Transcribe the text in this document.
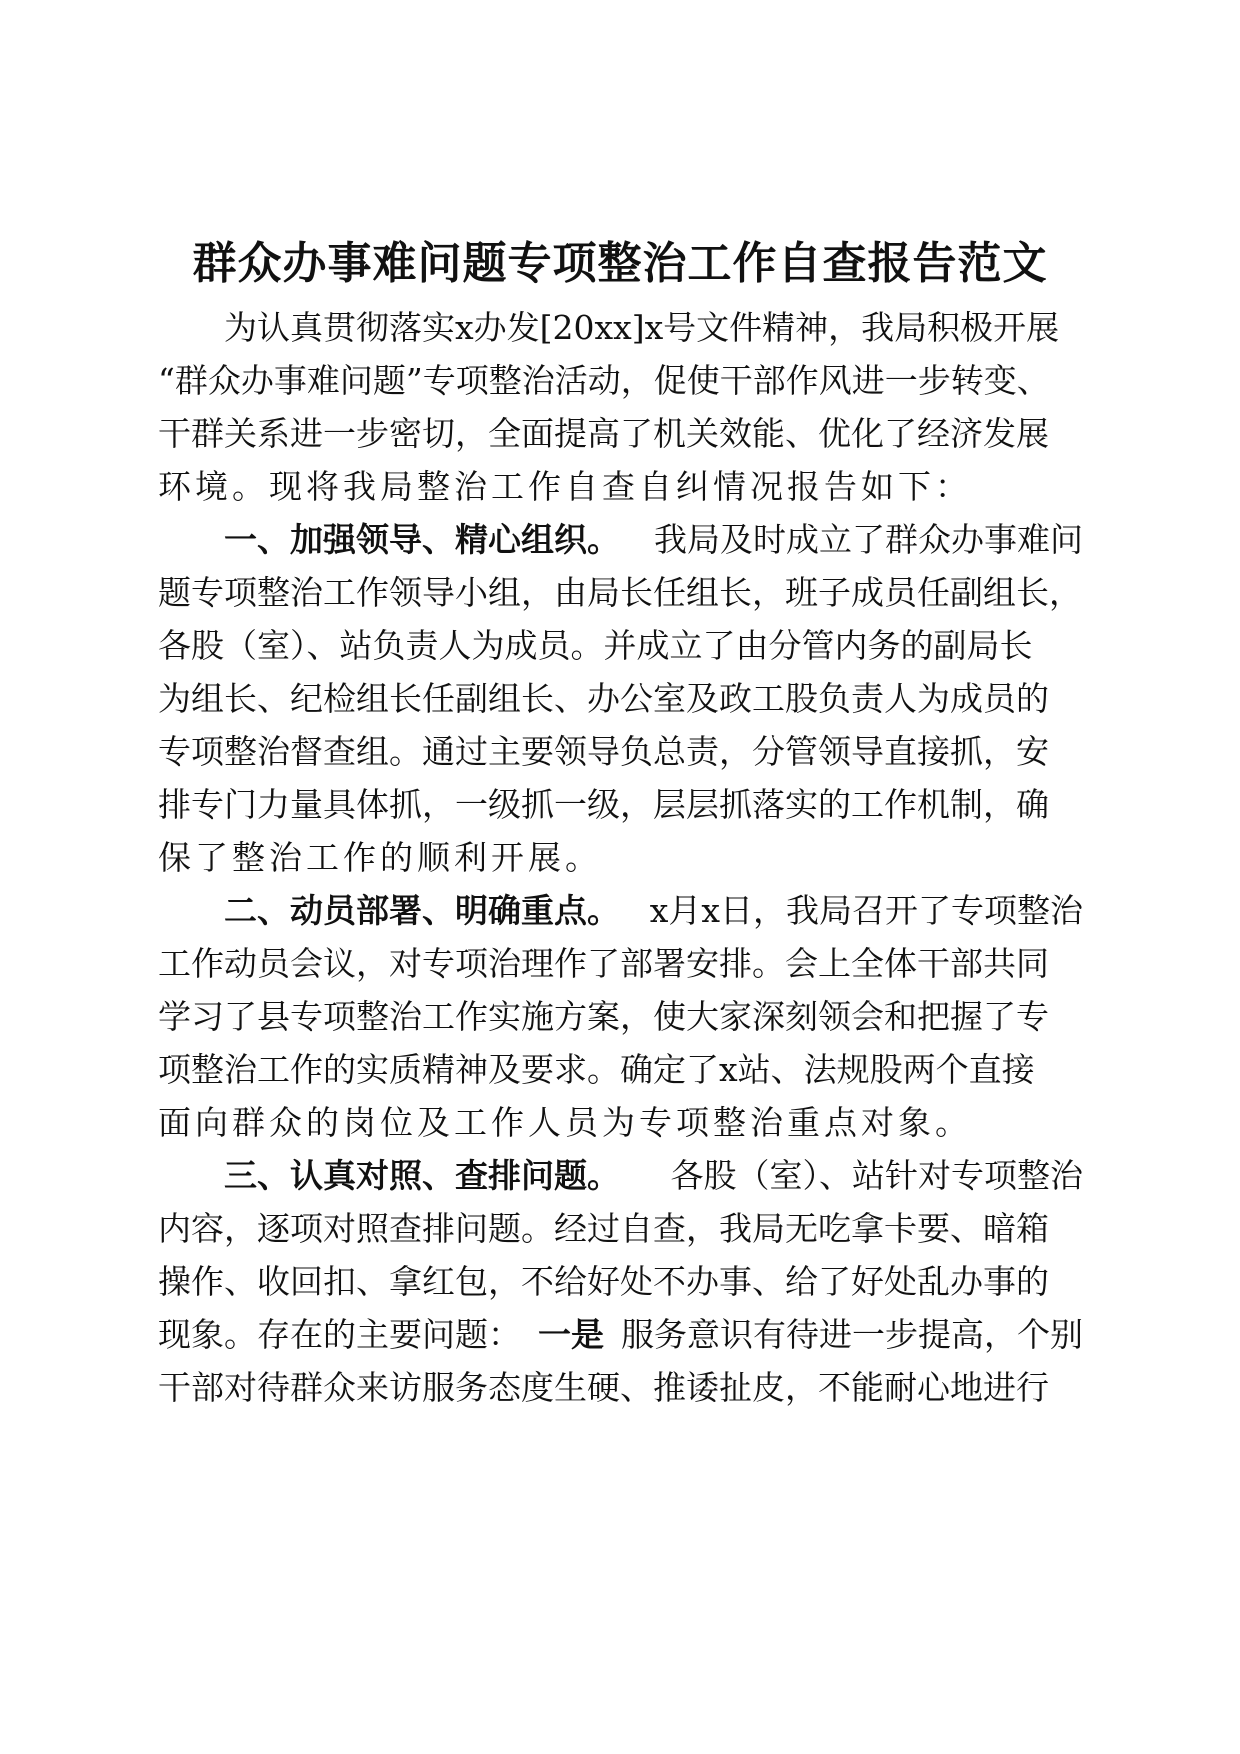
群众办事难问题专项整治工作自查报告范文
为认真贯彻落实x办发[20xx]x号文件精神，我局积极开展
“群众办事难问题”专项整治活动，促使干部作风进一步转变、
干群关系进一步密切，全面提高了机关效能、优化了经济发展
环境。现将我局整治工作自查自纠情况报告如下：
一、加强领导、精心组织。 我局及时成立了群众办事难问
题专项整治工作领导小组，由局长任组长，班子成员任副组长，
各股（室）、站负责人为成员。并成立了由分管内务的副局长
为组长、纪检组长任副组长、办公室及政工股负责人为成员的
专项整治督查组。通过主要领导负总责，分管领导直接抓，安
排专门力量具体抓，一级抓一级，层层抓落实的工作机制，确
保了整治工作的顺利开展。
二、动员部署、明确重点。 x月x日，我局召开了专项整治
工作动员会议，对专项治理作了部署安排。会上全体干部共同
学习了县专项整治工作实施方案，使大家深刻领会和把握了专
项整治工作的实质精神及要求。确定了x站、法规股两个直接
面向群众的岗位及工作人员为专项整治重点对象。
三、认真对照、查排问题。 各股（室）、站针对专项整治
内容，逐项对照查排问题。经过自查，我局无吃拿卡要、暗箱
操作、收回扣、拿红包，不给好处不办事、给了好处乱办事的
现象。存在的主要问题： 一是 服务意识有待进一步提高，个别
干部对待群众来访服务态度生硬、推诿扯皮，不能耐心地进行
